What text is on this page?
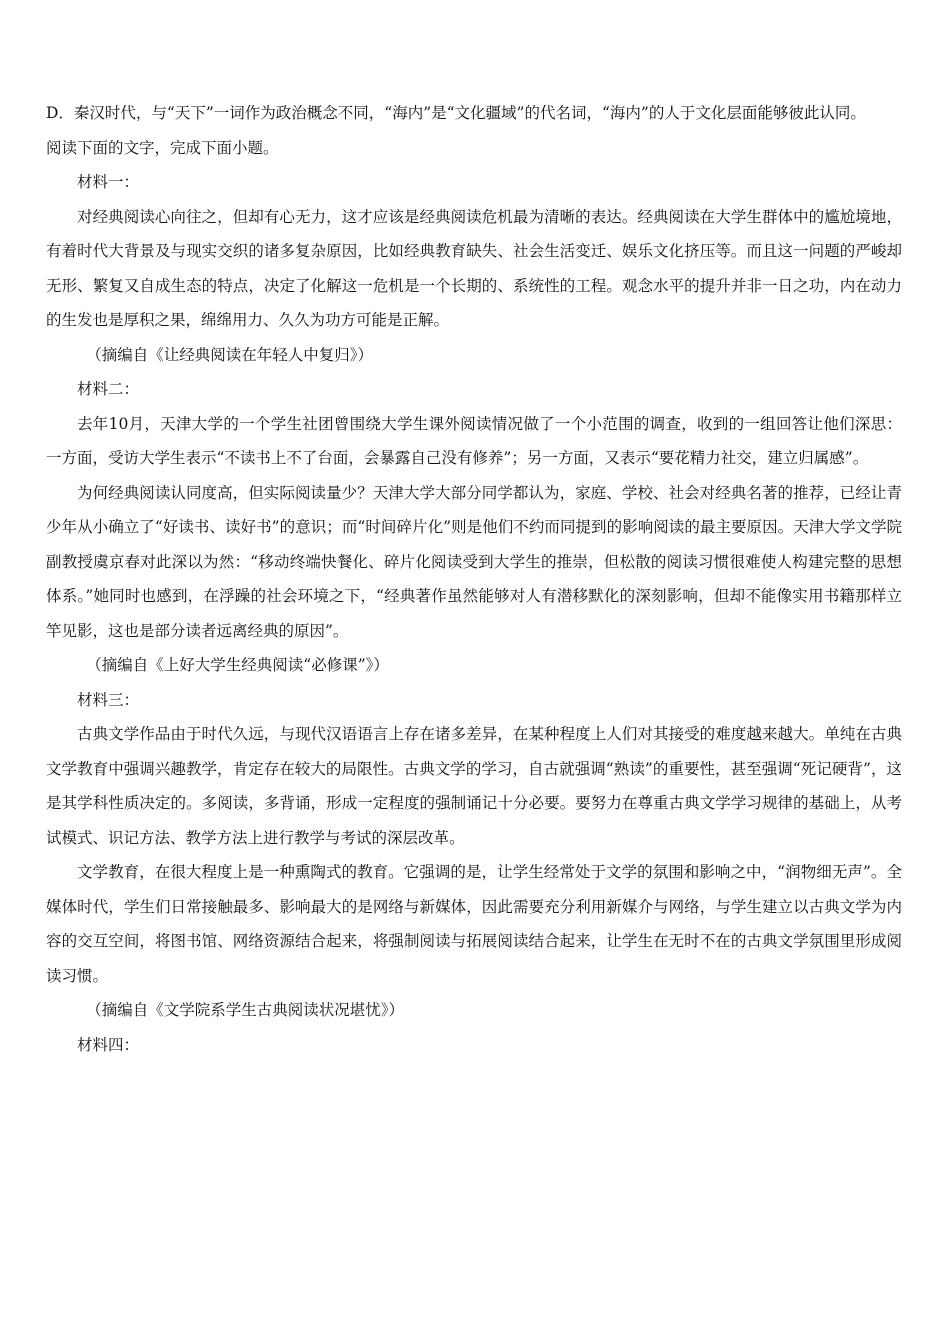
D．秦汉时代，与“天下”一词作为政治概念不同，“海内”是“文化疆域”的代名词，“海内”的人于文化层面能够彼此认同。

阅读下面的文字，完成下面小题。

材料一：

对经典阅读心向往之，但却有心无力，这才应该是经典阅读危机最为清晰的表达。经典阅读在大学生群体中的尴尬境地，有着时代大背景及与现实交织的诸多复杂原因，比如经典教育缺失、社会生活变迁、娱乐文化挤压等。而且这一问题的严峻却无形、繁复又自成生态的特点，决定了化解这一危机是一个长期的、系统性的工程。观念水平的提升并非一日之功，内在动力的生发也是厚积之果，绵绵用力、久久为功方可能是正解。

（摘编自《让经典阅读在年轻人中复归》）

材料二：

去年10月，天津大学的一个学生社团曾围绕大学生课外阅读情况做了一个小范围的调查，收到的一组回答让他们深思：一方面，受访大学生表示“不读书上不了台面，会暴露自己没有修养”；另一方面，又表示“要花精力社交，建立归属感”。

为何经典阅读认同度高，但实际阅读量少？天津大学大部分同学都认为，家庭、学校、社会对经典名著的推荐，已经让青少年从小确立了“好读书、读好书”的意识；而“时间碎片化”则是他们不约而同提到的影响阅读的最主要原因。天津大学文学院副教授虞京春对此深以为然：“移动终端快餐化、碎片化阅读受到大学生的推崇，但松散的阅读习惯很难使人构建完整的思想体系。”她同时也感到，在浮躁的社会环境之下，“经典著作虽然能够对人有潜移默化的深刻影响，但却不能像实用书籍那样立竿见影，这也是部分读者远离经典的原因”。

（摘编自《上好大学生经典阅读“必修课”》）

材料三：

古典文学作品由于时代久远，与现代汉语语言上存在诸多差异，在某种程度上人们对其接受的难度越来越大。单纯在古典文学教育中强调兴趣教学，肯定存在较大的局限性。古典文学的学习，自古就强调“熟读”的重要性，甚至强调“死记硬背”，这是其学科性质决定的。多阅读，多背诵，形成一定程度的强制诵记十分必要。要努力在尊重古典文学学习规律的基础上，从考试模式、识记方法、教学方法上进行教学与考试的深层改革。

文学教育，在很大程度上是一种熏陶式的教育。它强调的是，让学生经常处于文学的氛围和影响之中，“润物细无声”。全媒体时代，学生们日常接触最多、影响最大的是网络与新媒体，因此需要充分利用新媒介与网络，与学生建立以古典文学为内容的交互空间，将图书馆、网络资源结合起来，将强制阅读与拓展阅读结合起来，让学生在无时不在的古典文学氛围里形成阅读习惯。

（摘编自《文学院系学生古典阅读状况堪忧》）

材料四：
